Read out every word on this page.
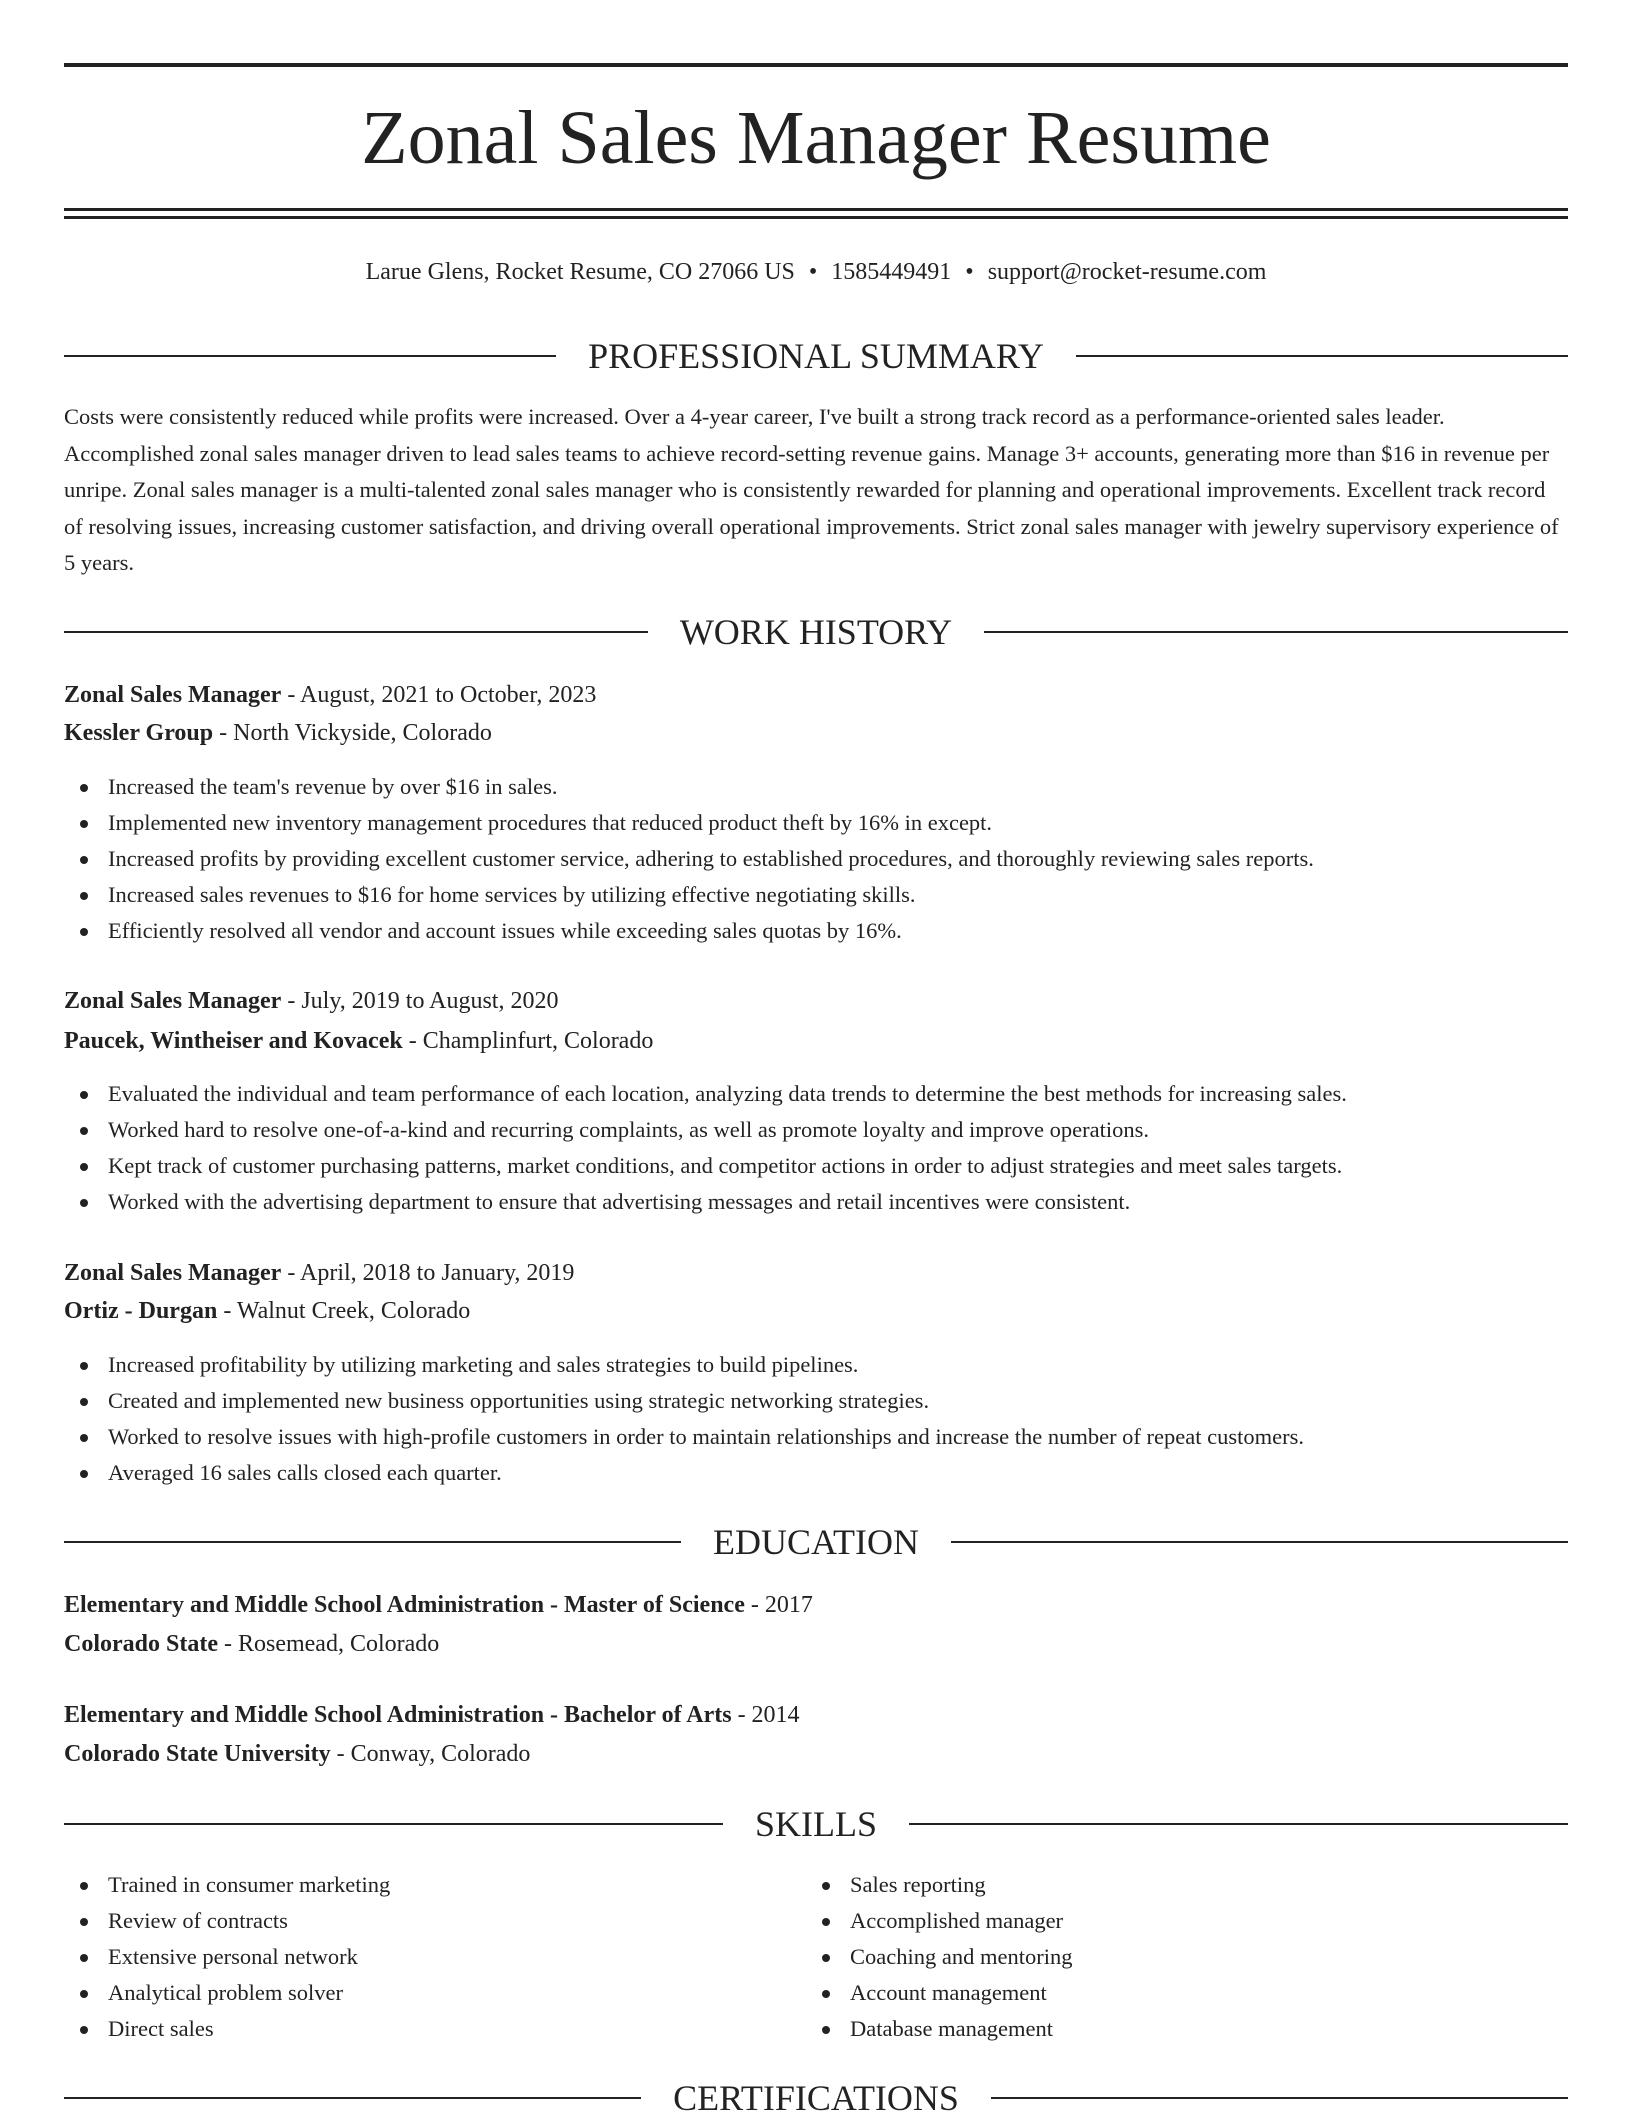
Zonal Sales Manager Resume
Larue Glens, Rocket Resume, CO 27066 US • 1585449491 • support@rocket-resume.com
PROFESSIONAL SUMMARY

Costs were consistently reduced while profits were increased. Over a 4-year career, I've built a strong track record as a performance-oriented sales leader. Accomplished zonal sales manager driven to lead sales teams to achieve record-setting revenue gains. Manage 3+ accounts, generating more than $16 in revenue per unripe. Zonal sales manager is a multi-talented zonal sales manager who is consistently rewarded for planning and operational improvements. Excellent track record of resolving issues, increasing customer satisfaction, and driving overall operational improvements. Strict zonal sales manager with jewelry supervisory experience of 5 years.

WORK HISTORY
Zonal Sales Manager - August, 2021 to October, 2023
Kessler Group - North Vickyside, Colorado
Increased the team's revenue by over $16 in sales.
Implemented new inventory management procedures that reduced product theft by 16% in except.
Increased profits by providing excellent customer service, adhering to established procedures, and thoroughly reviewing sales reports.
Increased sales revenues to $16 for home services by utilizing effective negotiating skills.
Efficiently resolved all vendor and account issues while exceeding sales quotas by 16%.
Zonal Sales Manager - July, 2019 to August, 2020
Paucek, Wintheiser and Kovacek - Champlinfurt, Colorado
Evaluated the individual and team performance of each location, analyzing data trends to determine the best methods for increasing sales.
Worked hard to resolve one-of-a-kind and recurring complaints, as well as promote loyalty and improve operations.
Kept track of customer purchasing patterns, market conditions, and competitor actions in order to adjust strategies and meet sales targets.
Worked with the advertising department to ensure that advertising messages and retail incentives were consistent.
Zonal Sales Manager - April, 2018 to January, 2019
Ortiz - Durgan - Walnut Creek, Colorado
Increased profitability by utilizing marketing and sales strategies to build pipelines.
Created and implemented new business opportunities using strategic networking strategies.
Worked to resolve issues with high-profile customers in order to maintain relationships and increase the number of repeat customers.
Averaged 16 sales calls closed each quarter.
EDUCATION
Elementary and Middle School Administration - Master of Science - 2017
Colorado State - Rosemead, Colorado
Elementary and Middle School Administration - Bachelor of Arts - 2014
Colorado State University - Conway, Colorado
SKILLS
Trained in consumer marketing
Review of contracts
Extensive personal network
Analytical problem solver
Direct sales
Sales reporting
Accomplished manager
Coaching and mentoring
Account management
Database management
CERTIFICATIONS
